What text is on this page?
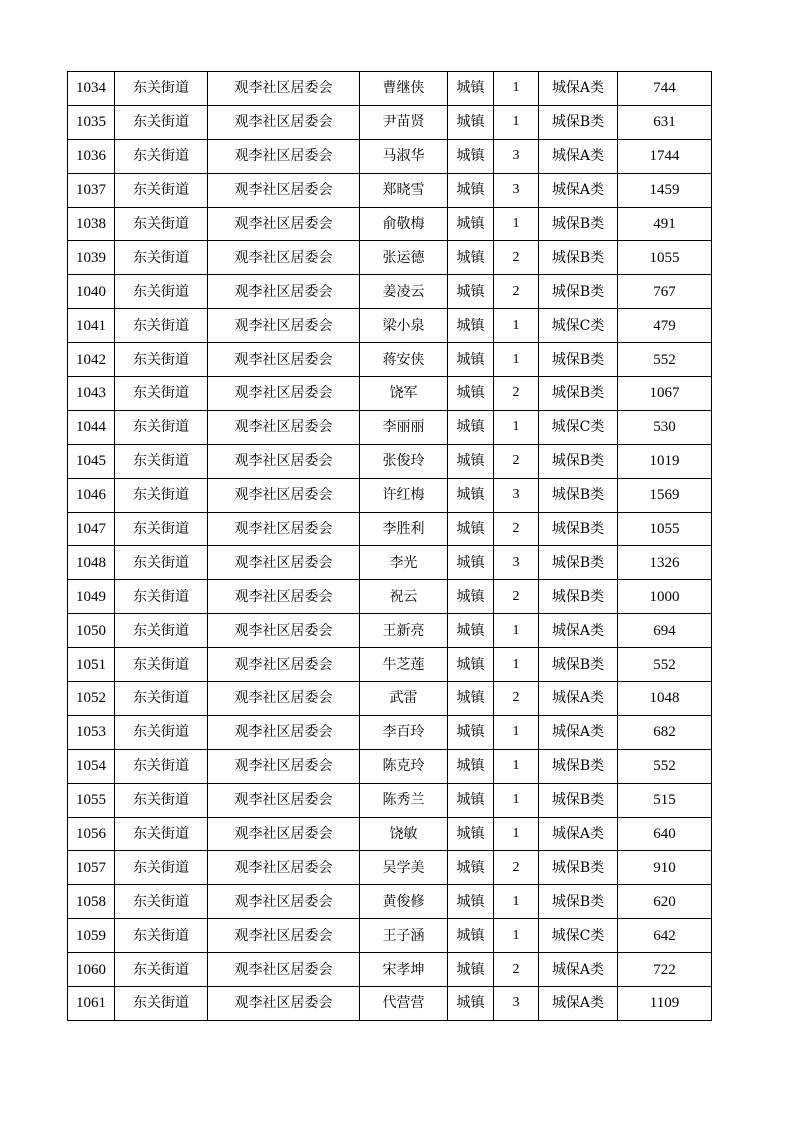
1034	东关街道	观李社区居委会	曹继侠	城镇	1	城保A类	744
1035	东关街道	观李社区居委会	尹苗贤	城镇	1	城保B类	631
1036	东关街道	观李社区居委会	马淑华	城镇	3	城保A类	1744
1037	东关街道	观李社区居委会	郑晓雪	城镇	3	城保A类	1459
1038	东关街道	观李社区居委会	俞敬梅	城镇	1	城保B类	491
1039	东关街道	观李社区居委会	张运德	城镇	2	城保B类	1055
1040	东关街道	观李社区居委会	姜凌云	城镇	2	城保B类	767
1041	东关街道	观李社区居委会	梁小泉	城镇	1	城保C类	479
1042	东关街道	观李社区居委会	蒋安侠	城镇	1	城保B类	552
1043	东关街道	观李社区居委会	饶军	城镇	2	城保B类	1067
1044	东关街道	观李社区居委会	李丽丽	城镇	1	城保C类	530
1045	东关街道	观李社区居委会	张俊玲	城镇	2	城保B类	1019
1046	东关街道	观李社区居委会	许红梅	城镇	3	城保B类	1569
1047	东关街道	观李社区居委会	李胜利	城镇	2	城保B类	1055
1048	东关街道	观李社区居委会	李光	城镇	3	城保B类	1326
1049	东关街道	观李社区居委会	祝云	城镇	2	城保B类	1000
1050	东关街道	观李社区居委会	王新亮	城镇	1	城保A类	694
1051	东关街道	观李社区居委会	牛芝莲	城镇	1	城保B类	552
1052	东关街道	观李社区居委会	武雷	城镇	2	城保A类	1048
1053	东关街道	观李社区居委会	李百玲	城镇	1	城保A类	682
1054	东关街道	观李社区居委会	陈克玲	城镇	1	城保B类	552
1055	东关街道	观李社区居委会	陈秀兰	城镇	1	城保B类	515
1056	东关街道	观李社区居委会	饶敏	城镇	1	城保A类	640
1057	东关街道	观李社区居委会	吴学美	城镇	2	城保B类	910
1058	东关街道	观李社区居委会	黄俊修	城镇	1	城保B类	620
1059	东关街道	观李社区居委会	王子涵	城镇	1	城保C类	642
1060	东关街道	观李社区居委会	宋孝坤	城镇	2	城保A类	722
1061	东关街道	观李社区居委会	代营营	城镇	3	城保A类	1109
